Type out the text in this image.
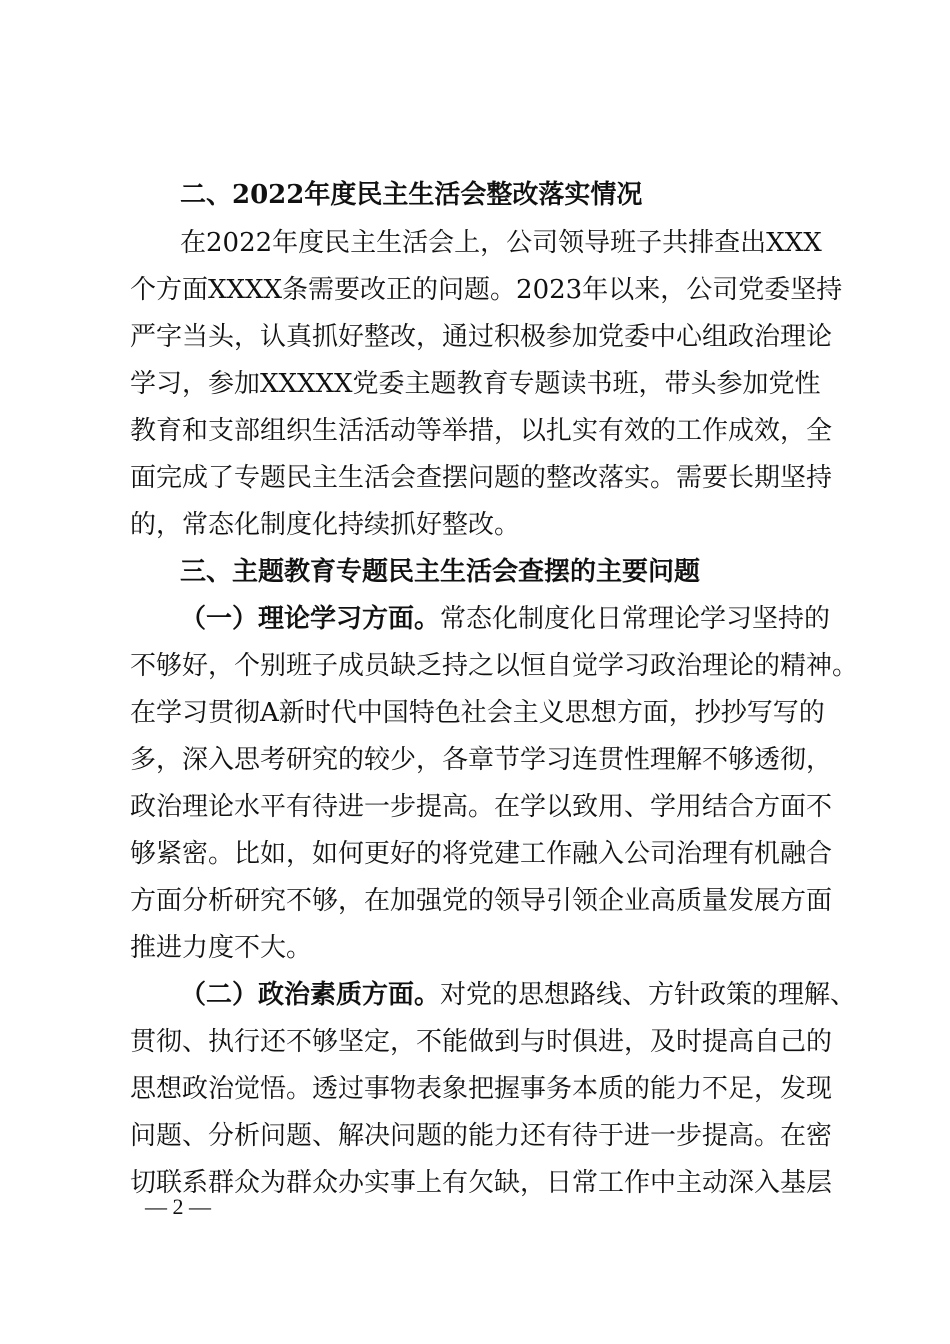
二、2022年度民主生活会整改落实情况
在2022年度民主生活会上，公司领导班子共排查出XXX
个方面XXXX条需要改正的问题。2023年以来，公司党委坚持
严字当头，认真抓好整改，通过积极参加党委中心组政治理论
学习，参加XXXXX党委主题教育专题读书班，带头参加党性
教育和支部组织生活活动等举措，以扎实有效的工作成效，全
面完成了专题民主生活会查摆问题的整改落实。需要长期坚持
的，常态化制度化持续抓好整改。
三、主题教育专题民主生活会查摆的主要问题
（一）理论学习方面。常态化制度化日常理论学习坚持的
不够好，个别班子成员缺乏持之以恒自觉学习政治理论的精神。
在学习贯彻A新时代中国特色社会主义思想方面，抄抄写写的
多，深入思考研究的较少，各章节学习连贯性理解不够透彻，
政治理论水平有待进一步提高。在学以致用、学用结合方面不
够紧密。比如，如何更好的将党建工作融入公司治理有机融合
方面分析研究不够，在加强党的领导引领企业高质量发展方面
推进力度不大。
（二）政治素质方面。对党的思想路线、方针政策的理解、
贯彻、执行还不够坚定，不能做到与时俱进，及时提高自己的
思想政治觉悟。透过事物表象把握事务本质的能力不足，发现
问题、分析问题、解决问题的能力还有待于进一步提高。在密
切联系群众为群众办实事上有欠缺，日常工作中主动深入基层
— 2 —
